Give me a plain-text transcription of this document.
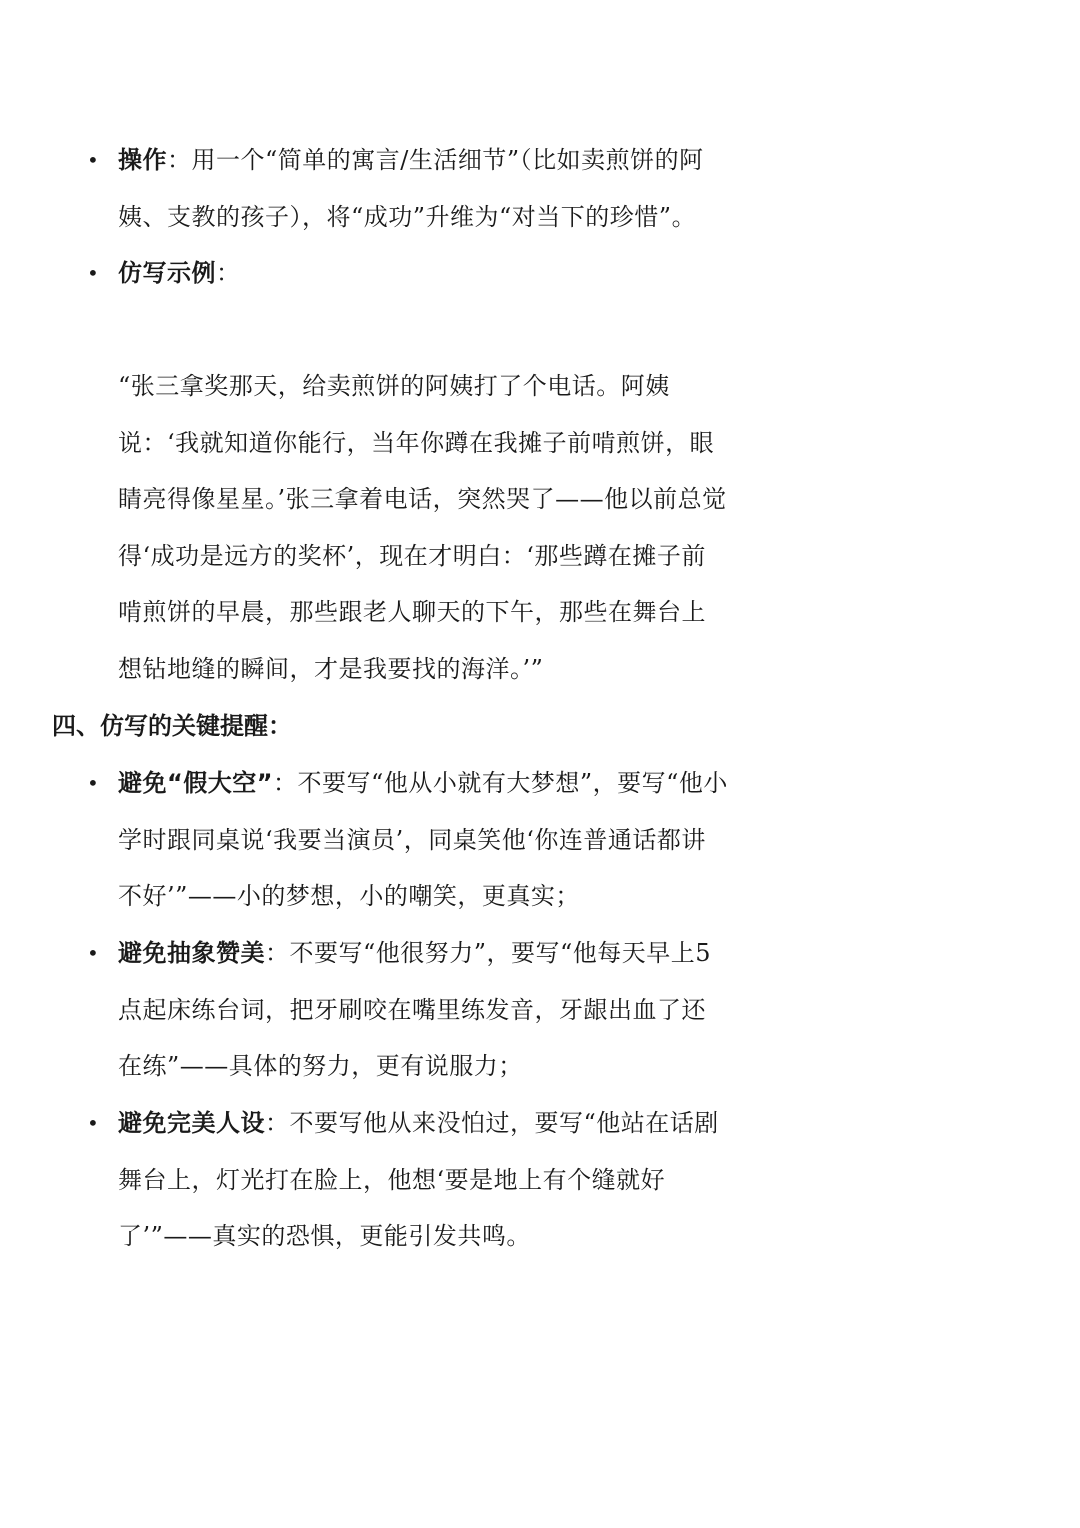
• 操作：用一个“简单的寓言/生活细节”（比如卖煎饼的阿姨、支教的孩子），将“成功”升维为“对当下的珍惜”。
• 仿写示例：
“张三拿奖那天，给卖煎饼的阿姨打了个电话。阿姨说：‘我就知道你能行，当年你蹲在我摊子前啃煎饼，眼睛亮得像星星。’张三拿着电话，突然哭了——他以前总觉得‘成功是远方的奖杯’，现在才明白：‘那些蹲在摊子前啃煎饼的早晨，那些跟老人聊天的下午，那些在舞台上想钻地缝的瞬间，才是我要找的海洋。’”
四、仿写的关键提醒：
• 避免“假大空”：不要写“他从小就有大梦想”，要写“他小学时跟同桌说‘我要当演员’，同桌笑他‘你连普通话都讲不好’”——小的梦想，小的嘲笑，更真实；
• 避免抽象赞美：不要写“他很努力”，要写“他每天早上5点起床练台词，把牙刷咬在嘴里练发音，牙龈出血了还在练”——具体的努力，更有说服力；
• 避免完美人设：不要写他从来没怕过，要写“他站在话剧舞台上，灯光打在脸上，他想‘要是地上有个缝就好了’”——真实的恐惧，更能引发共鸣。
